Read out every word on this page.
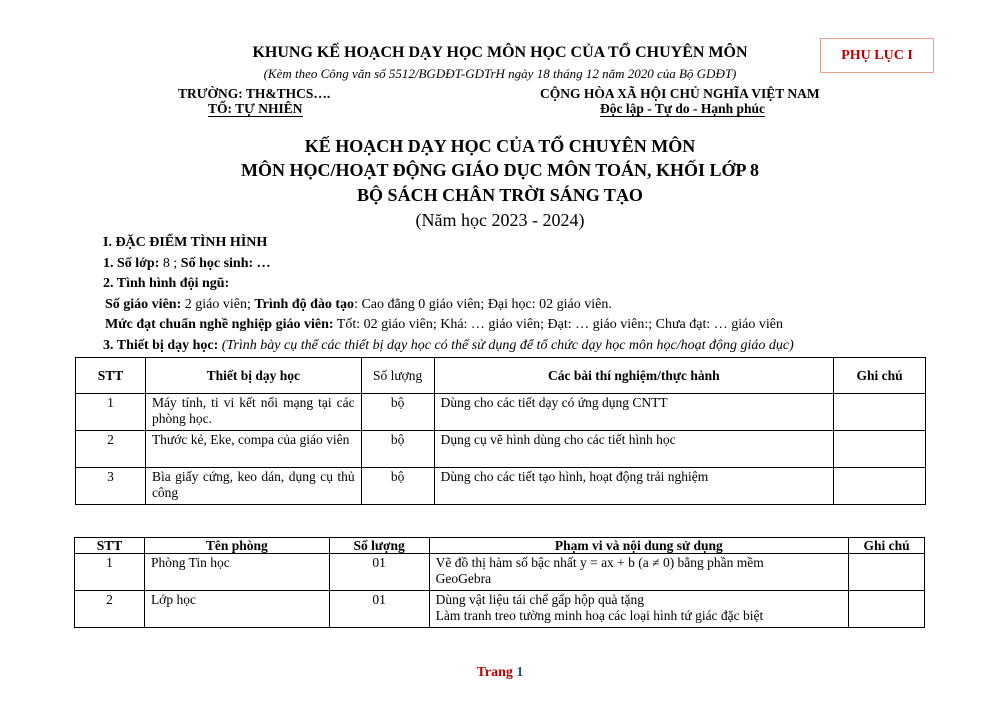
KHUNG KẾ HOẠCH DẠY HỌC MÔN HỌC CỦA TỔ CHUYÊN MÔN
(Kèm theo Công văn số 5512/BGDĐT-GDTrH ngày 18 tháng 12 năm 2020 của Bộ GDĐT)
PHỤ LỤC I
TRƯỜNG: TH&THCS….
TỔ: TỰ NHIÊN
CỘNG HÒA XÃ HỘI CHỦ NGHĨA VIỆT NAM
Độc lập - Tự do - Hạnh phúc
KẾ HOẠCH DẠY HỌC CỦA TỔ CHUYÊN MÔN
MÔN HỌC/HOẠT ĐỘNG GIÁO DỤC MÔN TOÁN, KHỐI LỚP 8
BỘ SÁCH CHÂN TRỜI SÁNG TẠO
(Năm học 2023 - 2024)
I. ĐẶC ĐIỂM TÌNH HÌNH
1. Số lớp: 8 ; Số học sinh: …
2. Tình hình đội ngũ:
Số giáo viên: 2 giáo viên; Trình độ đào tạo: Cao đẳng 0 giáo viên; Đại học: 02 giáo viên.
Mức đạt chuẩn nghề nghiệp giáo viên: Tốt: 02 giáo viên; Khá: … giáo viên; Đạt: … giáo viên:; Chưa đạt: … giáo viên
3. Thiết bị dạy học: (Trình bày cụ thể các thiết bị dạy học có thể sử dụng để tổ chức dạy học môn học/hoạt động giáo dục)
STT	Thiết bị dạy học	Số lượng	Các bài thí nghiệm/thực hành	Ghi chú
1	Máy tính, ti vi kết nối mạng tại các phòng học.	bộ	Dùng cho các tiết dạy có ứng dụng CNTT	
2	Thước kẻ, Eke, compa của giáo viên	bộ	Dụng cụ vẽ hình dùng cho các tiết hình học	
3	Bìa giấy cứng, keo dán, dụng cụ thủ công	bộ	Dùng cho các tiết tạo hình, hoạt động trải nghiệm	
STT	Tên phòng	Số lượng	Phạm vi và nội dung sử dụng	Ghi chú
1	Phòng Tin học	01	Vẽ đồ thị hàm số bậc nhất y = ax + b (a ≠ 0) bằng phần mềm
GeoGebra	

2	Lớp học	01	Dùng vật liệu tái chế gấp hộp quà tặng
Làm tranh treo tường minh hoạ các loại hình tứ giác đặc biệt	

Trang 1
